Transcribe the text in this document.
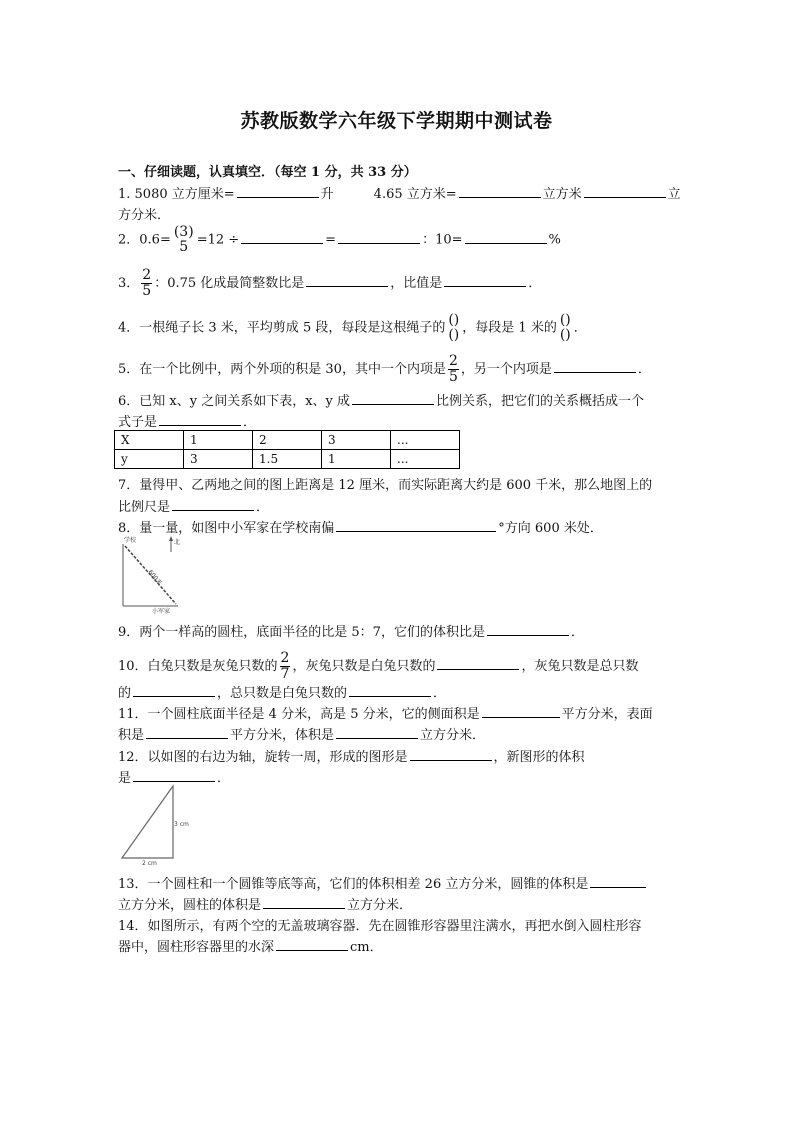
苏教版数学六年级下学期期中测试卷
一、仔细读题，认真填空．（每空 1 分，共 33 分）
1. 5080 立方厘米=	升	4.65 立方米=	立方米	立
方分米．
2．0.6= (3)
5 =12 ÷	=	：10=	%
3． $\frac{2}{5}$ ：0.75 化成最简整数比是	，比值是	．
4．一根绳子长 3 米，平均剪成 5 段，每段是这根绳子的 ()
() ，每段是 1 米的 ()
() ．
5．在一个比例中，两个外项的积是 30，其中一个内项是 $\frac{2}{5}$ ，另一个内项是	．
6．已知 x、y 之间关系如下表，x、y 成	比例关系，把它们的关系概括成一个
式子是	．
X	1	2	3	...
y	3	1.5	1	...
7．量得甲、乙两地之间的图上距离是 12 厘米，而实际距离大约是 600 千米，那么地图上的
比例尺是	．
8．量一量，如图中小军家在学校南偏	°方向 600 米处．
学校	北
600米
小军家
9．两个一样高的圆柱，底面半径的比是 5：7，它们的体积比是	．
10．白兔只数是灰兔只数的 $\frac{2}{7}$ ，灰兔只数是白兔只数的	，灰兔只数是总只数
的	，总只数是白兔只数的	．
11．一个圆柱底面半径是 4 分米，高是 5 分米，它的侧面积是	平方分米，表面
积是	平方分米，体积是	立方分米．
12．以如图的右边为轴，旋转一周，形成的图形是	，新图形的体积
是	．
3 cm
2 cm
13．一个圆柱和一个圆锥等底等高，它们的体积相差 26 立方分米，圆锥的体积是
立方分米，圆柱的体积是	立方分米．
14．如图所示，有两个空的无盖玻璃容器．先在圆锥形容器里注满水，再把水倒入圆柱形容
器中，圆柱形容器里的水深	cm．
